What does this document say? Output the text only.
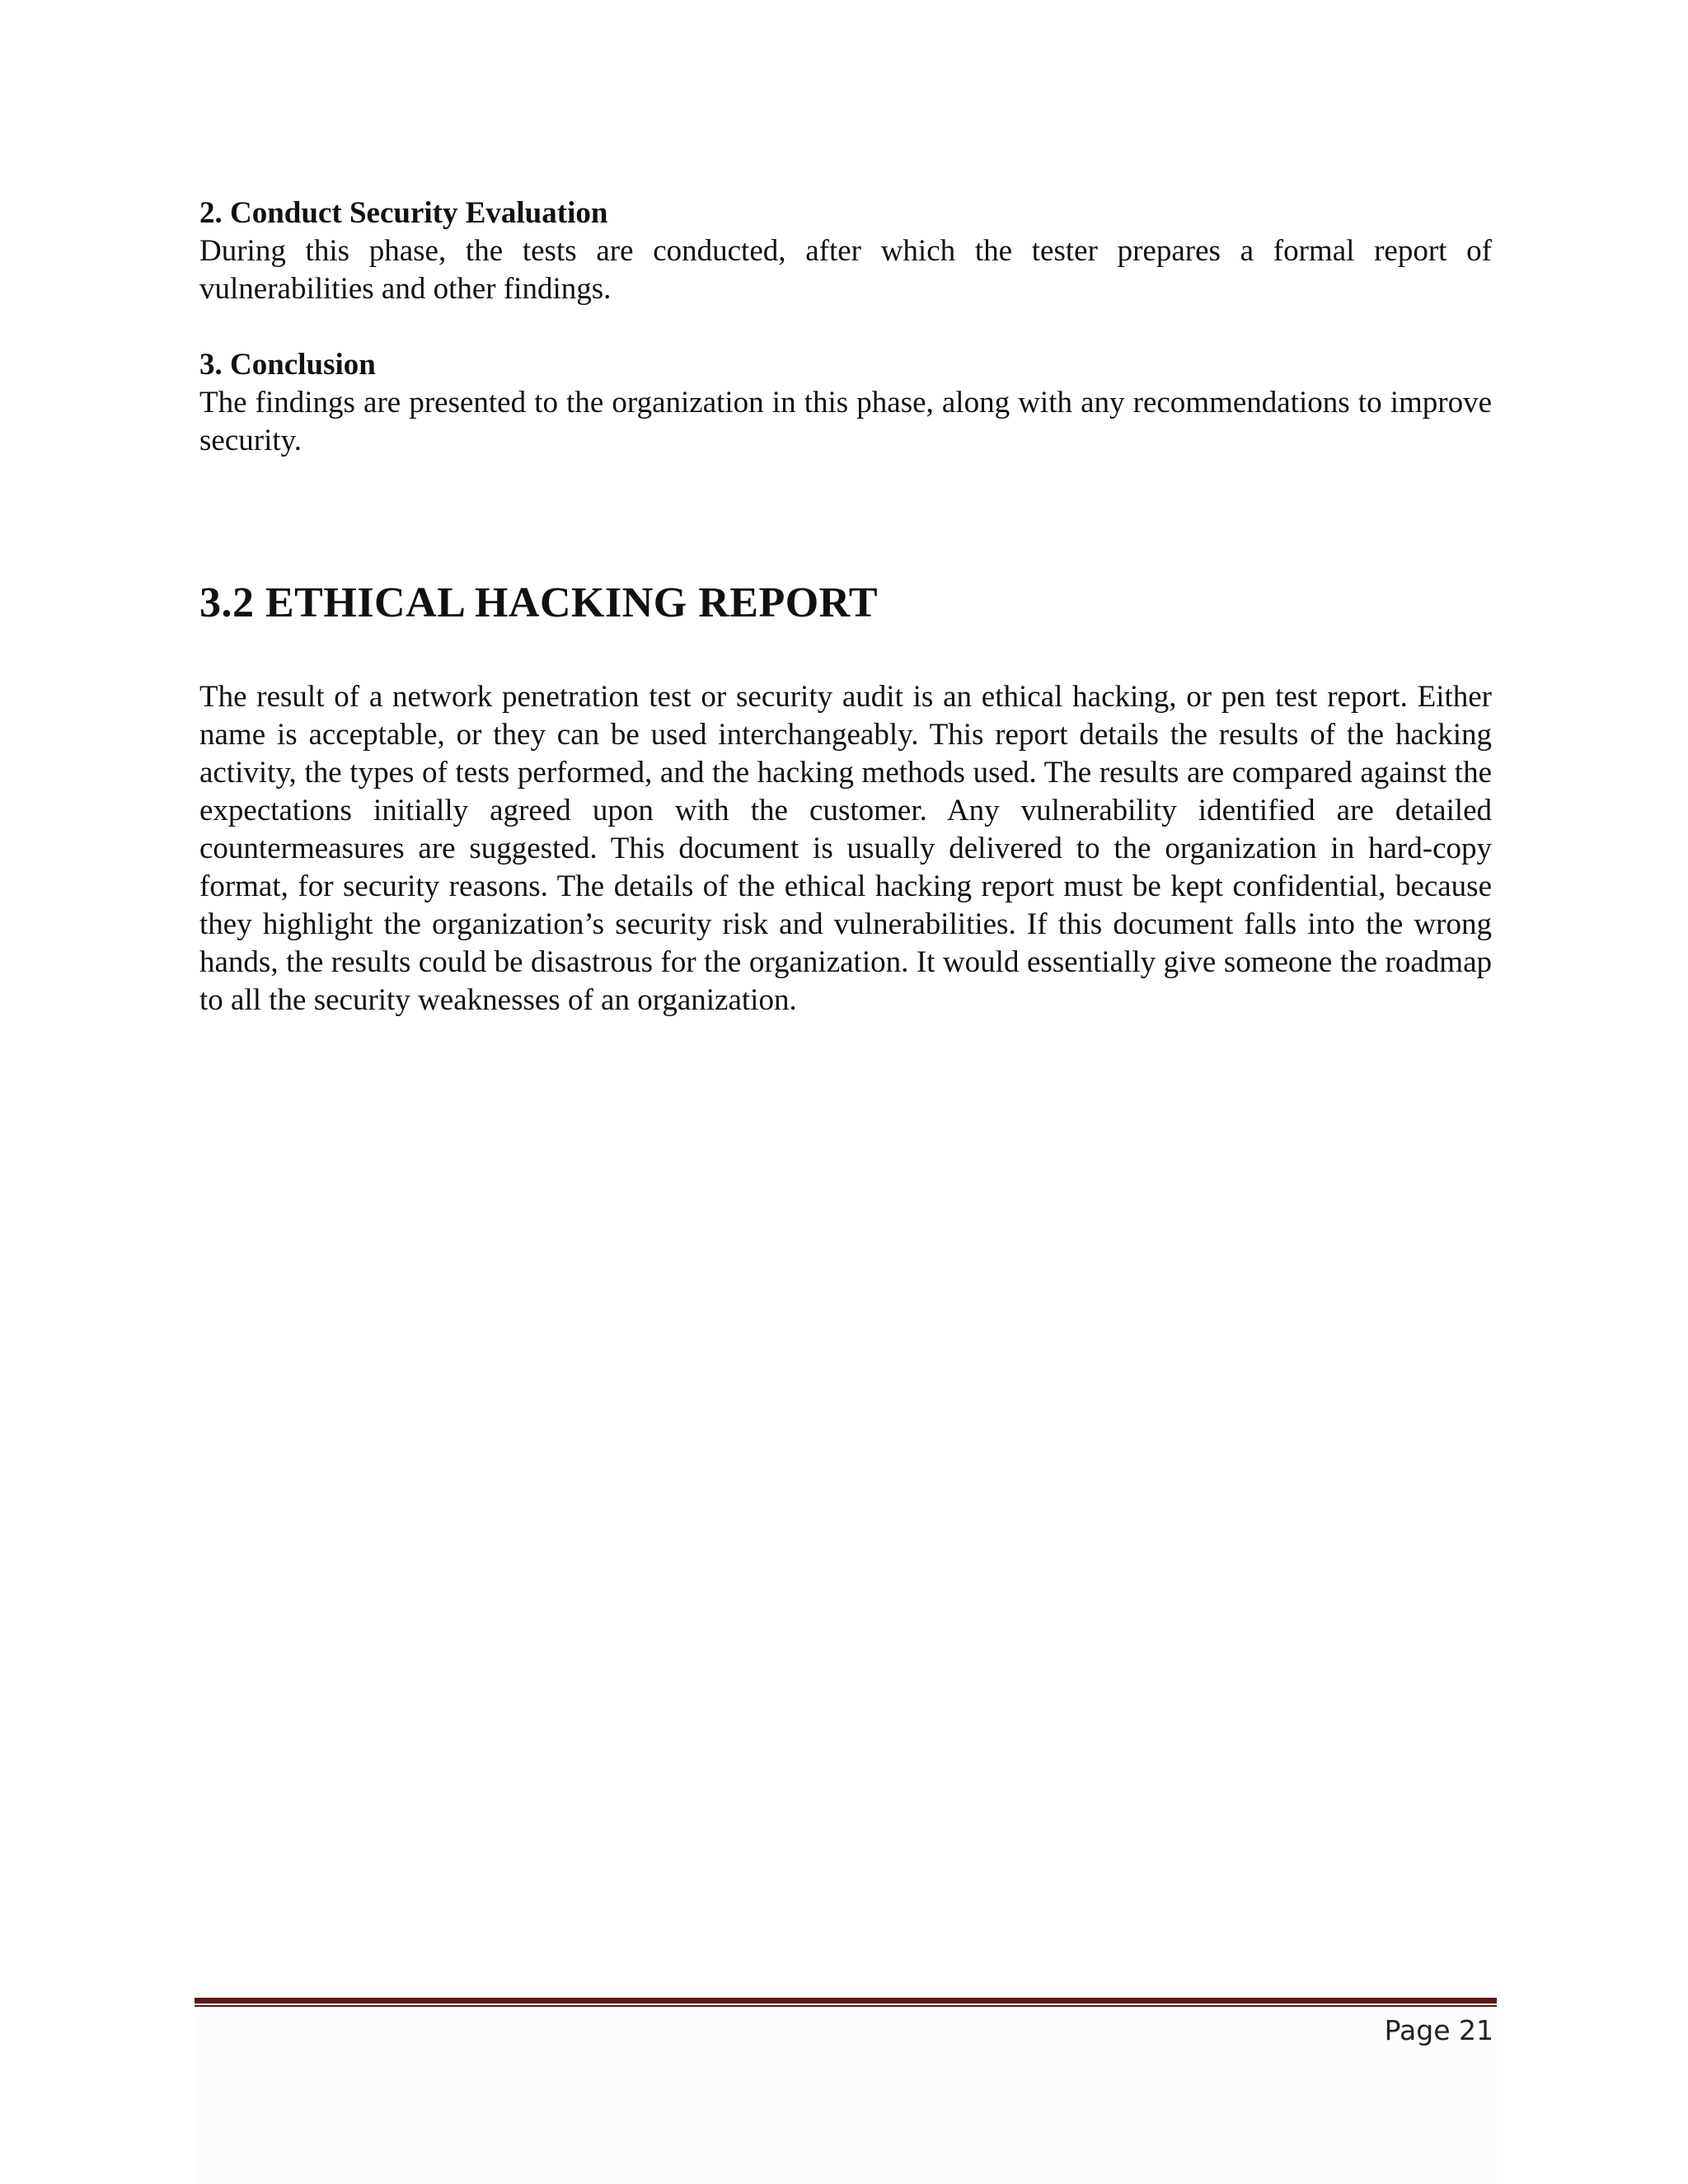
2. Conduct Security Evaluation

During this phase, the tests are conducted, after which the tester prepares a formal report of vulnerabilities and other findings.

3. Conclusion

The findings are presented to the organization in this phase, along with any recommendations to improve security.

3.2 ETHICAL HACKING REPORT

The result of a network penetration test or security audit is an ethical hacking, or pen test report. Either name is acceptable, or they can be used interchangeably. This report details the results of the hacking activity, the types of tests performed, and the hacking methods used. The results are compared against the expectations initially agreed upon with the customer. Any vulnerability identified are detailed countermeasures are suggested. This document is usually delivered to the organization in hard-copy format, for security reasons. The details of the ethical hacking report must be kept confidential, because they highlight the organization’s security risk and vulnerabilities. If this document falls into the wrong hands, the results could be disastrous for the organization. It would essentially give someone the roadmap to all the security weaknesses of an organization.

Page 21
